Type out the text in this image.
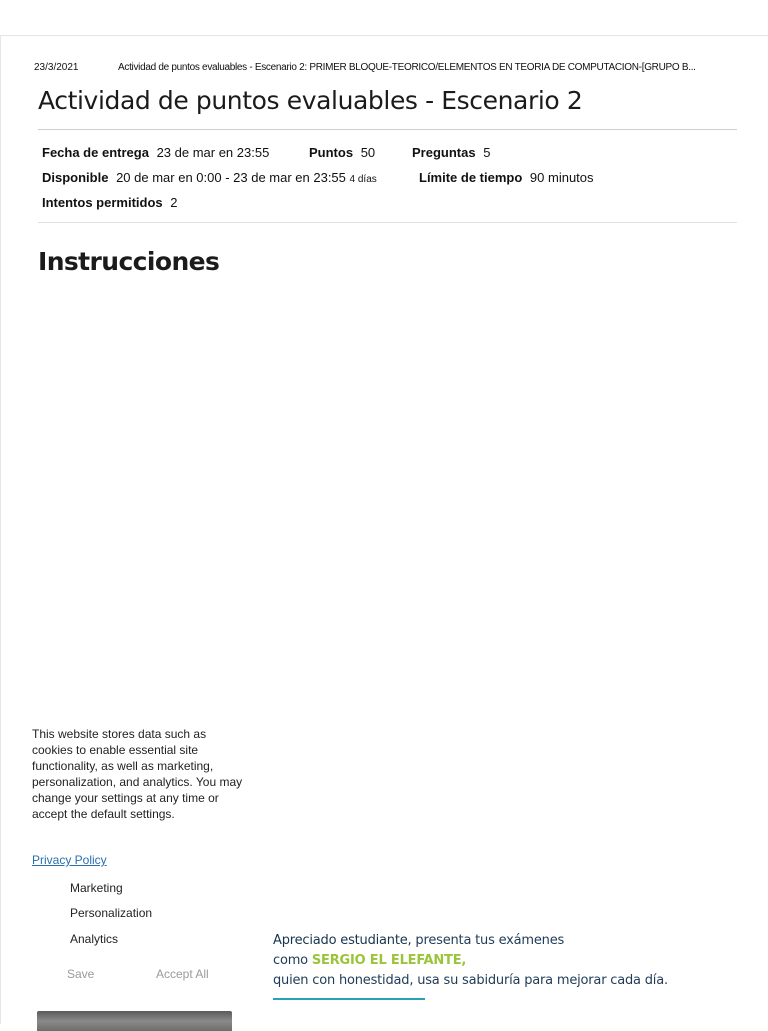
23/3/2021	Actividad de puntos evaluables - Escenario 2: PRIMER BLOQUE-TEORICO/ELEMENTOS EN TEORIA DE COMPUTACION-[GRUPO B...
Actividad de puntos evaluables - Escenario 2
Fecha de entrega 23 de mar en 23:55	Puntos 50	Preguntas 5
Disponible 20 de mar en 0:00 - 23 de mar en 23:55 4 días	Límite de tiempo 90 minutos
Intentos permitidos 2
Instrucciones

This website stores data such as cookies to enable essential site functionality, as well as marketing, personalization, and analytics. You may change your settings at any time or accept the default settings.

Privacy Policy
Marketing
Personalization
Analytics
Save	Accept All
Apreciado estudiante, presenta tus exámenes
como SERGIO EL ELEFANTE,
quien con honestidad, usa su sabiduría para mejorar cada día.
